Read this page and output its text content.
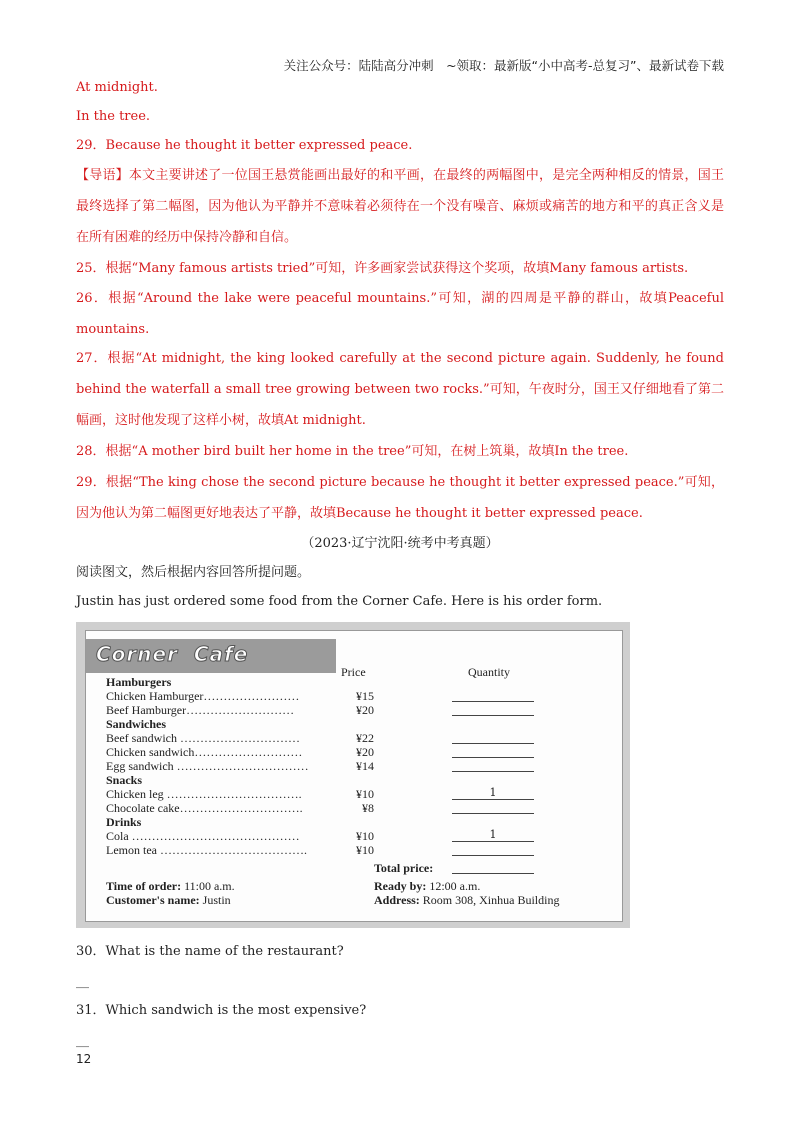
关注公众号：陆陆高分冲刺　~领取：最新版“小中高考-总复习”、最新试卷下载
At midnight.
In the tree.
29．Because he thought it better expressed peace.
【导语】本文主要讲述了一位国王悬赏能画出最好的和平画，在最终的两幅图中，是完全两种相反的情景，国王最终选择了第二幅图，因为他认为平静并不意味着必须待在一个没有噪音、麻烦或痛苦的地方和平的真正含义是在所有困难的经历中保持冷静和自信。
25．根据“Many famous artists tried”可知，许多画家尝试获得这个奖项，故填Many famous artists.
26．根据“Around the lake were peaceful mountains.”可知，湖的四周是平静的群山，故填Peaceful mountains.
27．根据“At midnight, the king looked carefully at the second picture again. Suddenly, he found behind the waterfall a small tree growing between two rocks.”可知，午夜时分，国王又仔细地看了第二幅画，这时他发现了这样小树，故填At midnight.
28．根据“A mother bird built her home in the tree”可知，在树上筑巢，故填In the tree.
29．根据“The king chose the second picture because he thought it better expressed peace.”可知，因为他认为第二幅图更好地表达了平静，故填Because he thought it better expressed peace.
（2023·辽宁沈阳·统考中考真题）
阅读图文，然后根据内容回答所提问题。
Justin has just ordered some food from the Corner Cafe. Here is his order form.
Corner  Cafe
Price	Quantity
Hamburgers
Chicken Hamburger……………………	¥15
Beef Hamburger………………………	¥20
Sandwiches
Beef sandwich …………………………	¥22
Chicken sandwich………………………	¥20
Egg sandwich ……………………………	¥14
Snacks
Chicken leg …………………………….	¥10	1
Chocolate cake………………………….	¥8
Drinks
Cola ……………………………………	¥10	1
Lemon tea ……………………………….	¥10
Total price:
Time of order: 11:00 a.m.
Customer's name: Justin
Ready by: 12:00 a.m.
Address: Room 308, Xinhua Building
30．What is the name of the restaurant?
__
31．Which sandwich is the most expensive?
__
12
